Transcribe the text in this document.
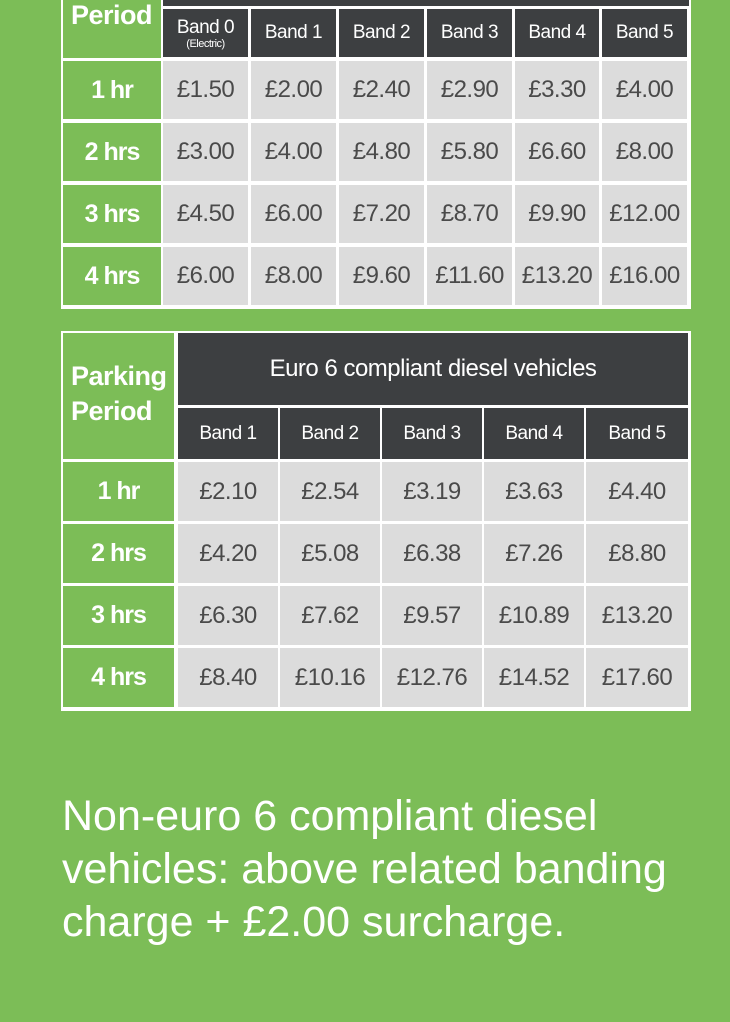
Period Band 0
(Electric)
Band 1 Band 2 Band 3 Band 4 Band 5
1 hr £1.50 £2.00 £2.40 £2.90 £3.30 £4.00
2 hrs £3.00 £4.00 £4.80 £5.80 £6.60 £8.00
3 hrs £4.50 £6.00 £7.20 £8.70 £9.90 £12.00
4 hrs £6.00 £8.00 £9.60 £11.60 £13.20 £16.00
Parking
Period
Euro 6 compliant diesel vehicles
Band 1 Band 2 Band 3 Band 4 Band 5
1 hr £2.10 £2.54 £3.19 £3.63 £4.40
2 hrs £4.20 £5.08 £6.38 £7.26 £8.80
3 hrs £6.30 £7.62 £9.57 £10.89 £13.20
4 hrs £8.40 £10.16 £12.76 £14.52 £17.60
Non-euro 6 compliant diesel vehicles: above related banding charge + £2.00 surcharge.
